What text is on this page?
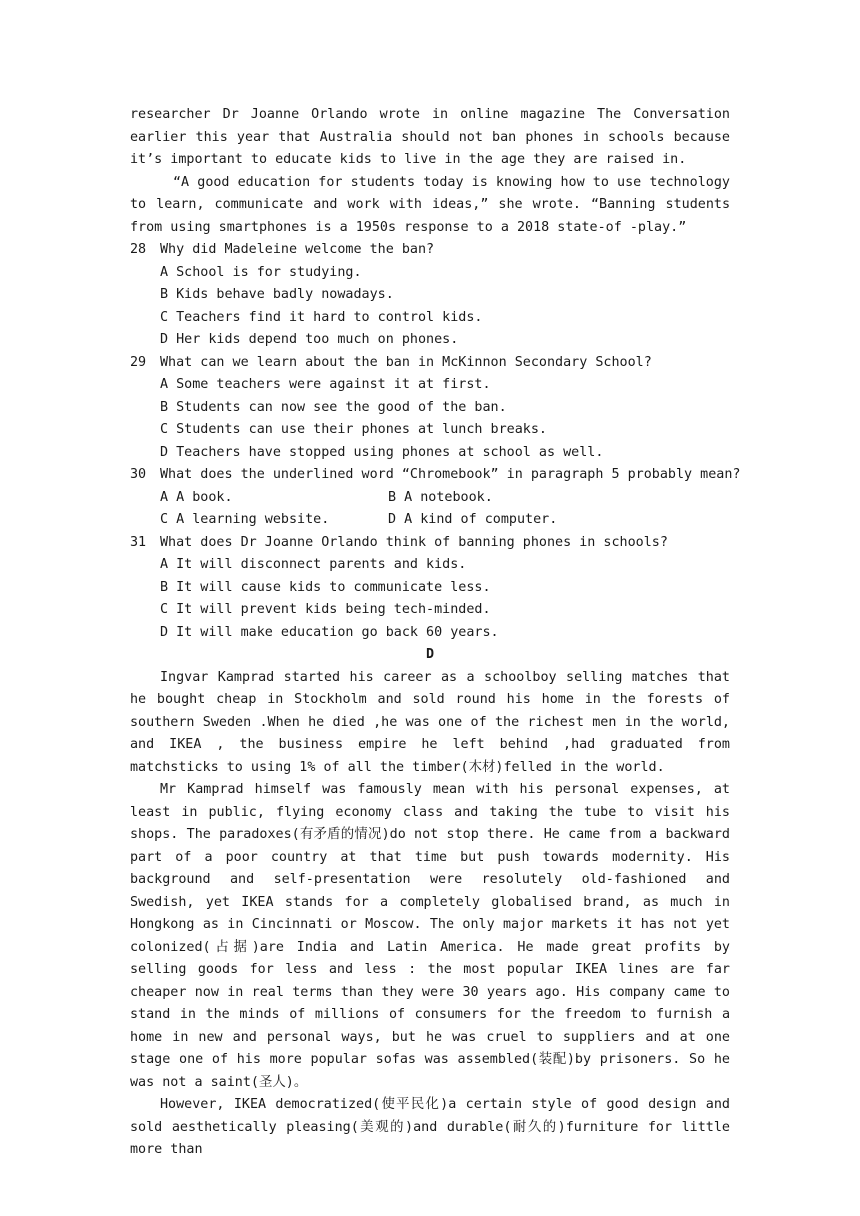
researcher Dr Joanne Orlando wrote in online magazine The Conversation earlier this year that Australia should not ban phones in schools because it’s important to educate kids to live in the age they are raised in.

“A good education for students today is knowing how to use technology to learn, communicate and work with ideas,” she wrote. “Banning students from using smartphones is a 1950s response to a 2018 state-of -play.”

28 Why did Madeleine welcome the ban?

A School is for studying.

B Kids behave badly nowadays.

C Teachers find it hard to control kids.

D Her kids depend too much on phones.

29 What can we learn about the ban in McKinnon Secondary School?

A Some teachers were against it at first.

B Students can now see the good of the ban.

C Students can use their phones at lunch breaks.

D Teachers have stopped using phones at school as well.

30 What does the underlined word “Chromebook” in paragraph 5 probably mean?

A A book.	B A notebook.
C A learning website.	D A kind of computer.

31 What does Dr Joanne Orlando think of banning phones in schools?

A It will disconnect parents and kids.

B It will cause kids to communicate less.

C It will prevent kids being tech-minded.

D It will make education go back 60 years.

D

Ingvar Kamprad started his career as a schoolboy selling matches that he bought cheap in Stockholm and sold round his home in the forests of southern Sweden .When he died ,he was one of the richest men in the world, and IKEA , the business empire he left behind ,had graduated from matchsticks to using 1% of all the timber(木材)felled in the world.

Mr Kamprad himself was famously mean with his personal expenses, at least in public, flying economy class and taking the tube to visit his shops. The paradoxes(有矛盾的情况)do not stop there. He came from a backward part of a poor country at that time but push towards modernity. His background and self-presentation were resolutely old-fashioned and Swedish, yet IKEA stands for a completely globalised brand, as much in Hongkong as in Cincinnati or Moscow. The only major markets it has not yet colonized(占据)are India and Latin America. He made great profits by selling goods for less and less : the most popular IKEA lines are far cheaper now in real terms than they were 30 years ago. His company came to stand in the minds of millions of consumers for the freedom to furnish a home in new and personal ways, but he was cruel to suppliers and at one stage one of his more popular sofas was assembled(装配)by prisoners. So he was not a saint(圣人)。

However, IKEA democratized(使平民化)a certain style of good design and sold aesthetically pleasing(美观的)and durable(耐久的)furniture for little more than
